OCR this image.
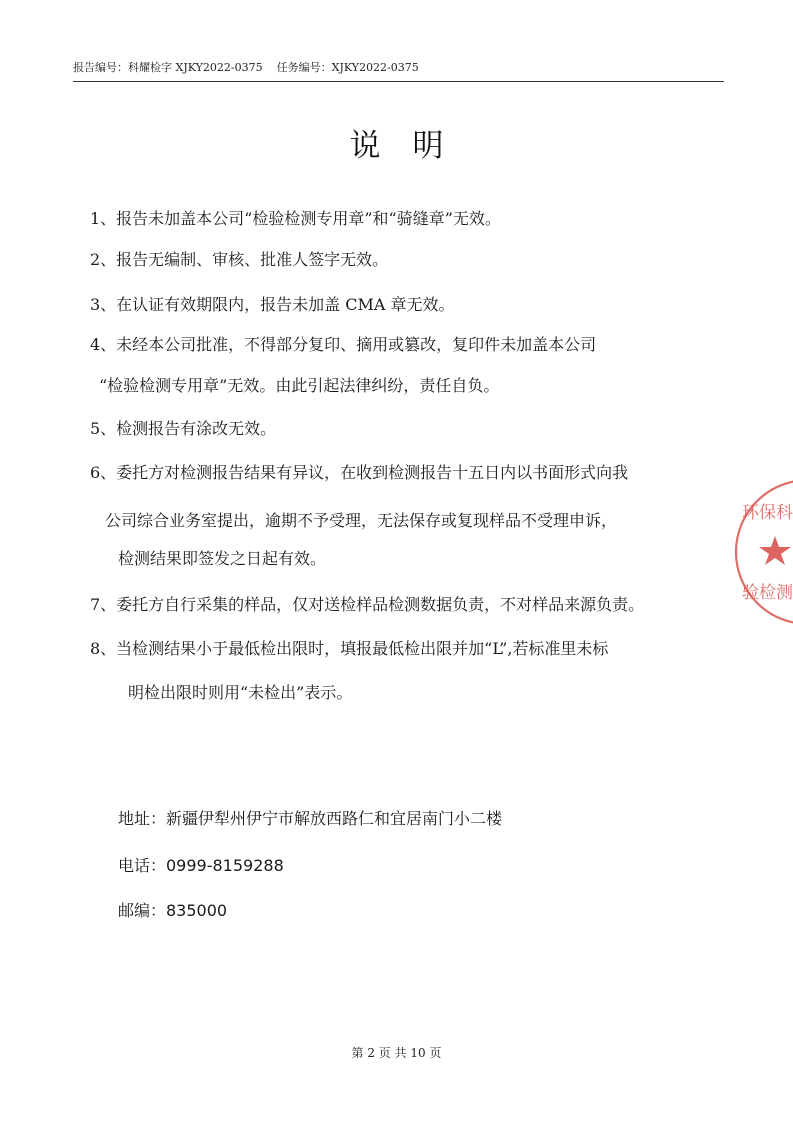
报告编号：科耀检字 XJKY2022-0375 任务编号：XJKY2022-0375
说明
1、报告未加盖本公司“检验检测专用章”和“骑缝章”无效。
2、报告无编制、审核、批准人签字无效。
3、在认证有效期限内，报告未加盖 CMA 章无效。
4、未经本公司批准，不得部分复印、摘用或篡改，复印件未加盖本公司
“检验检测专用章”无效。由此引起法律纠纷，责任自负。
5、检测报告有涂改无效。
6、委托方对检测报告结果有异议，在收到检测报告十五日内以书面形式向我
公司综合业务室提出，逾期不予受理，无法保存或复现样品不受理申诉，
检测结果即签发之日起有效。
7、委托方自行采集的样品，仅对送检样品检测数据负责，不对样品来源负责。
8、当检测结果小于最低检出限时，填报最低检出限并加“L”,若标准里未标
明检出限时则用“未检出”表示。
地址：新疆伊犁州伊宁市解放西路仁和宜居南门小二楼
电话：0999-8159288
邮编：835000
环保科
验检测
第 2 页 共 10 页
